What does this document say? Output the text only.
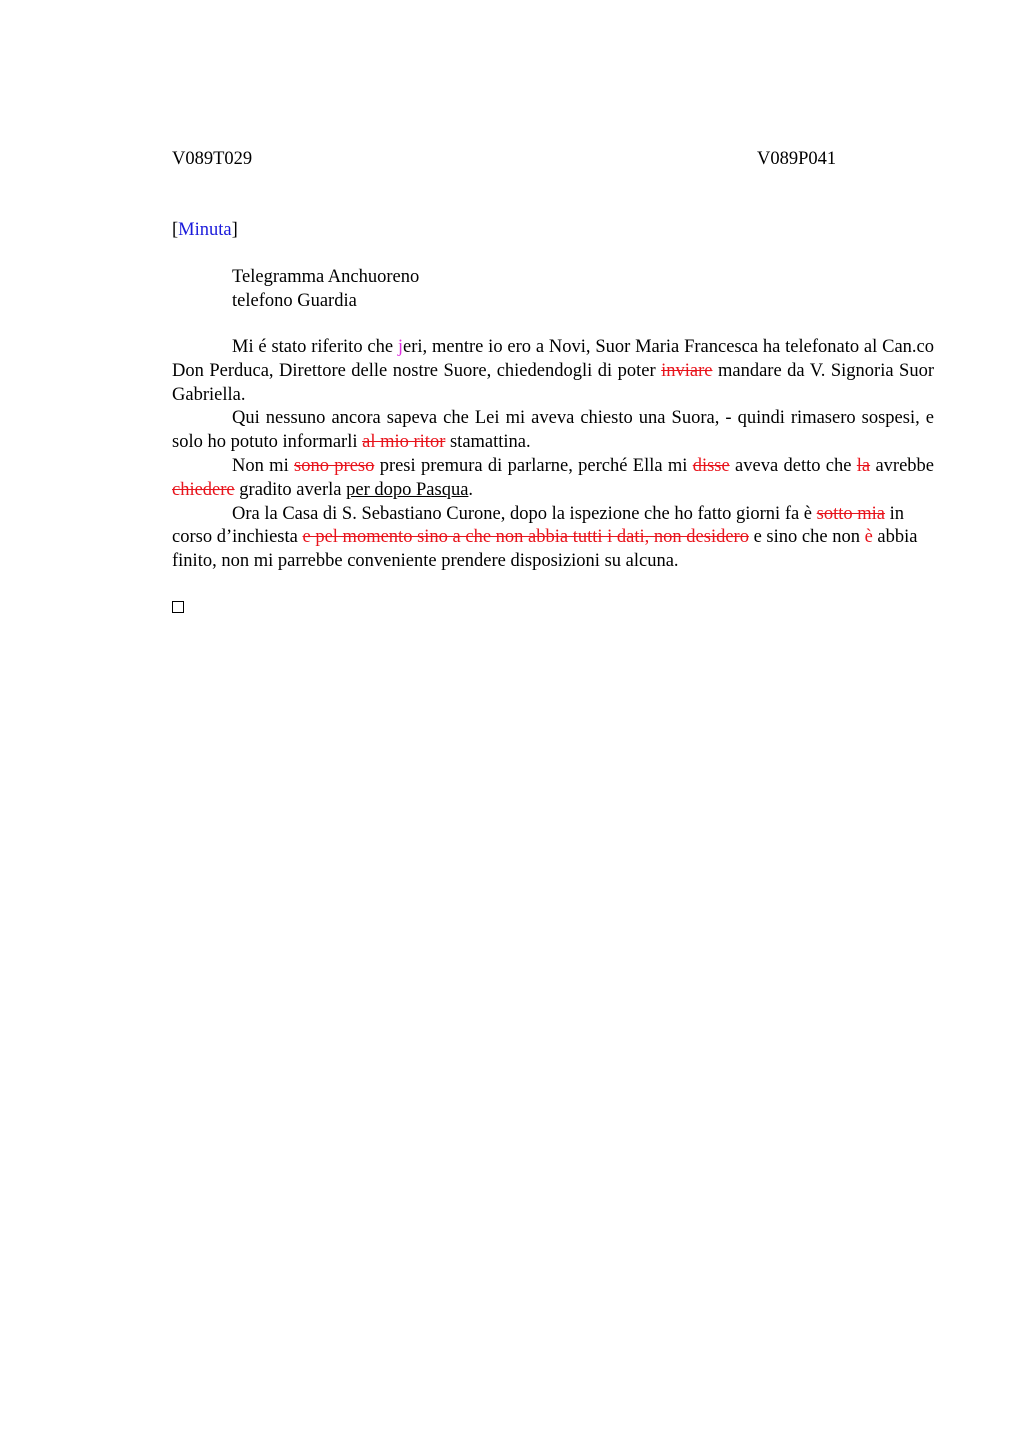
V089T029	V089P041
[Minuta]
Telegramma Anchuoreno
telefono Guardia

Mi é stato riferito che jeri, mentre io ero a Novi, Suor Maria Francesca ha telefonato al Can.co Don Perduca, Direttore delle nostre Suore, chiedendogli di poter inviare mandare da V. Signoria Suor Gabriella.

Qui nessuno ancora sapeva che Lei mi aveva chiesto una Suora, - quindi rimasero sospesi, e solo ho potuto informarli al mio ritor stamattina.

Non mi sono preso presi premura di parlarne, perché Ella mi disse aveva detto che la avrebbe chiedere gradito averla per dopo Pasqua.

Ora la Casa di S. Sebastiano Curone, dopo la ispezione che ho fatto giorni fa è sotto mia in corso d’inchiesta e pel momento sino a che non abbia tutti i dati, non desidero e sino che non è abbia finito, non mi parrebbe conveniente prendere disposizioni su alcuna.
